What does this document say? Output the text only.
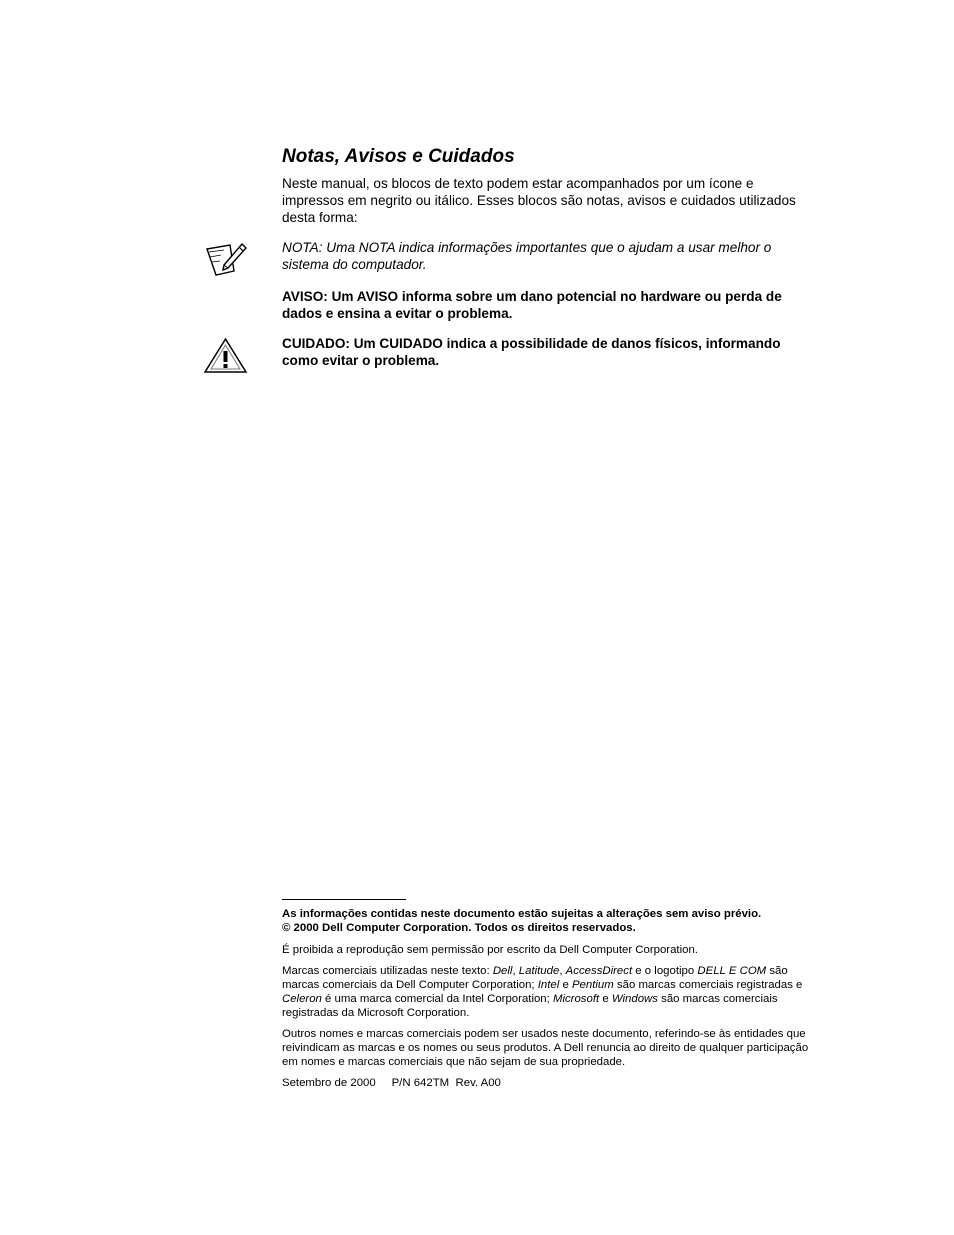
Notas, Avisos e Cuidados

Neste manual, os blocos de texto podem estar acompanhados por um ícone e impressos em negrito ou itálico. Esses blocos são notas, avisos e cuidados utilizados desta forma:

NOTA: Uma NOTA indica informações importantes que o ajudam a usar melhor o sistema do computador.

AVISO: Um AVISO informa sobre um dano potencial no hardware ou perda de dados e ensina a evitar o problema.

CUIDADO: Um CUIDADO indica a possibilidade de danos físicos, informando como evitar o problema.

As informações contidas neste documento estão sujeitas a alterações sem aviso prévio.
© 2000 Dell Computer Corporation. Todos os direitos reservados.

É proibida a reprodução sem permissão por escrito da Dell Computer Corporation.

Marcas comerciais utilizadas neste texto: Dell, Latitude, AccessDirect e o logotipo DELL E COM são marcas comerciais da Dell Computer Corporation; Intel e Pentium são marcas comerciais registradas e Celeron é uma marca comercial da Intel Corporation; Microsoft e Windows são marcas comerciais registradas da Microsoft Corporation.

Outros nomes e marcas comerciais podem ser usados neste documento, referindo-se às entidades que reivindicam as marcas e os nomes ou seus produtos. A Dell renuncia ao direito de qualquer participação em nomes e marcas comerciais que não sejam de sua propriedade.

Setembro de 2000 P/N 642TM Rev. A00
